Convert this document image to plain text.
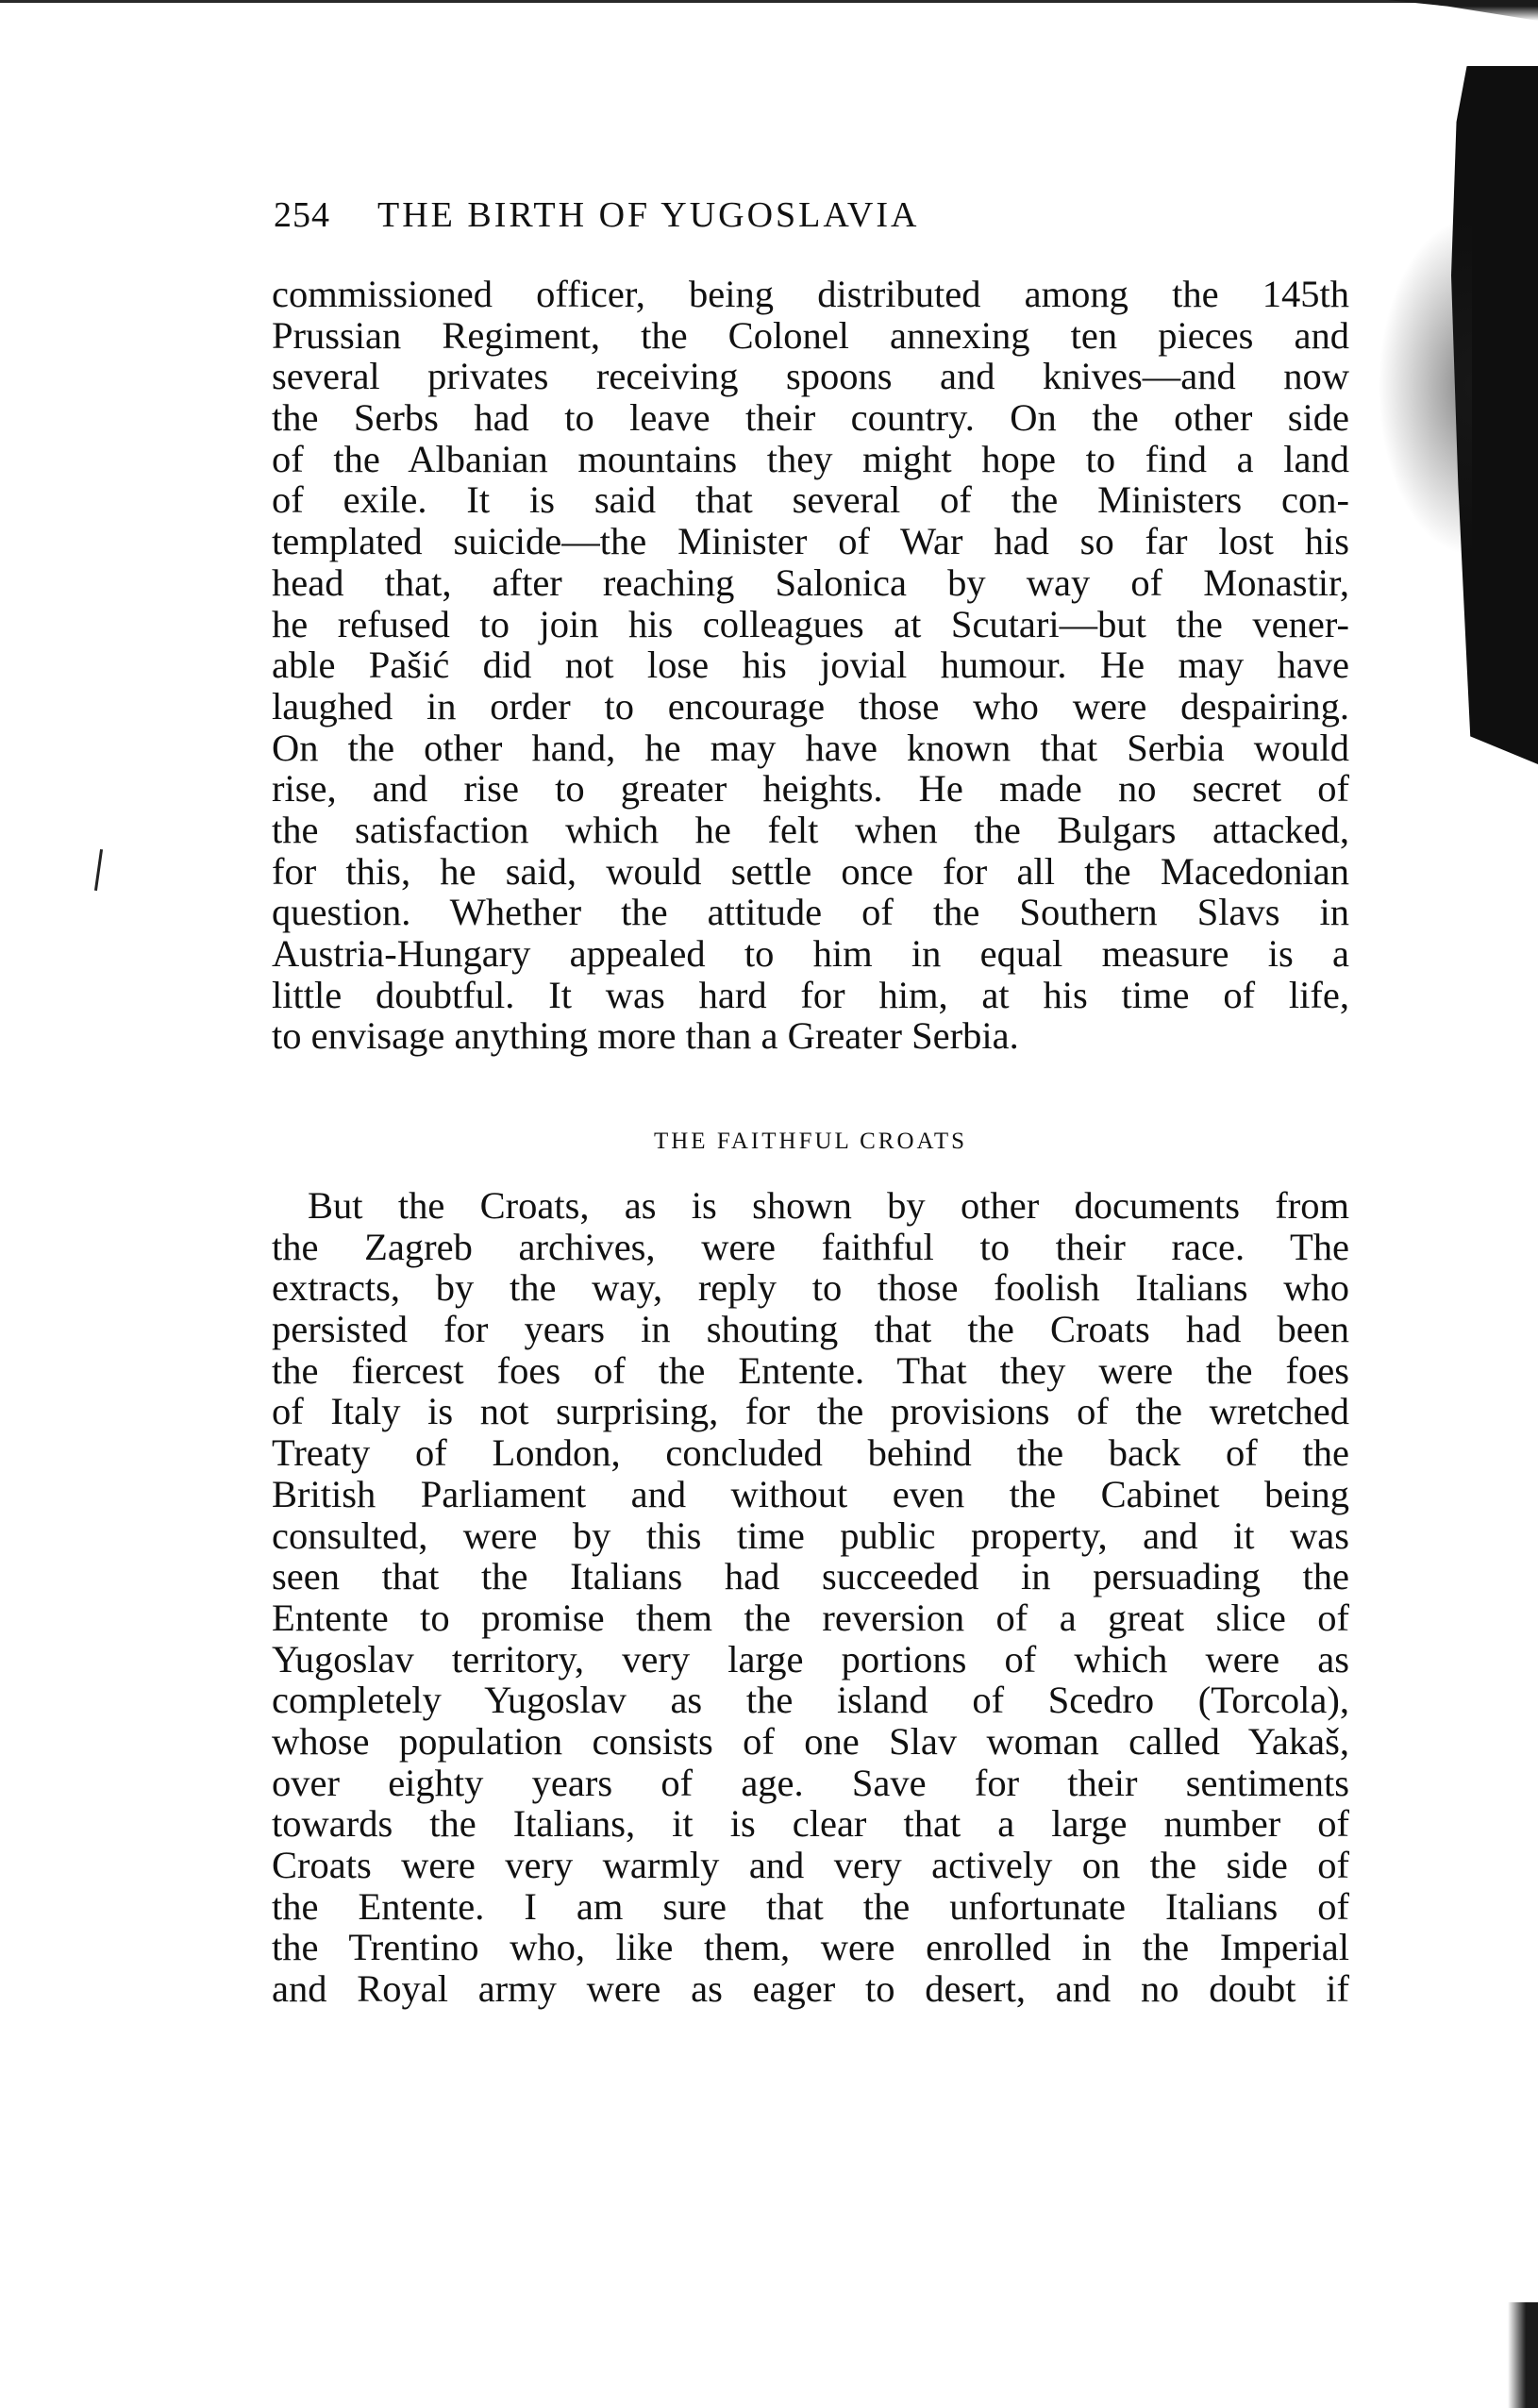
254	THE BIRTH OF YUGOSLAVIA
commissioned officer, being distributed among the 145th
Prussian Regiment, the Colonel annexing ten pieces and
several privates receiving spoons and knives—and now
the Serbs had to leave their country. On the other side
of the Albanian mountains they might hope to find a land
of exile. It is said that several of the Ministers con-
templated suicide—the Minister of War had so far lost his
head that, after reaching Salonica by way of Monastir,
he refused to join his colleagues at Scutari—but the vener-
able Pašić did not lose his jovial humour. He may have
laughed in order to encourage those who were despairing.
On the other hand, he may have known that Serbia would
rise, and rise to greater heights. He made no secret of
the satisfaction which he felt when the Bulgars attacked,
for this, he said, would settle once for all the Macedonian
question. Whether the attitude of the Southern Slavs in
Austria-Hungary appealed to him in equal measure is a
little doubtful. It was hard for him, at his time of life,
to envisage anything more than a Greater Serbia.
THE FAITHFUL CROATS
But the Croats, as is shown by other documents from
the Zagreb archives, were faithful to their race. The
extracts, by the way, reply to those foolish Italians who
persisted for years in shouting that the Croats had been
the fiercest foes of the Entente. That they were the foes
of Italy is not surprising, for the provisions of the wretched
Treaty of London, concluded behind the back of the
British Parliament and without even the Cabinet being
consulted, were by this time public property, and it was
seen that the Italians had succeeded in persuading the
Entente to promise them the reversion of a great slice of
Yugoslav territory, very large portions of which were as
completely Yugoslav as the island of Scedro (Torcola),
whose population consists of one Slav woman called Yakaš,
over eighty years of age. Save for their sentiments
towards the Italians, it is clear that a large number of
Croats were very warmly and very actively on the side of
the Entente. I am sure that the unfortunate Italians of
the Trentino who, like them, were enrolled in the Imperial
and Royal army were as eager to desert, and no doubt if
